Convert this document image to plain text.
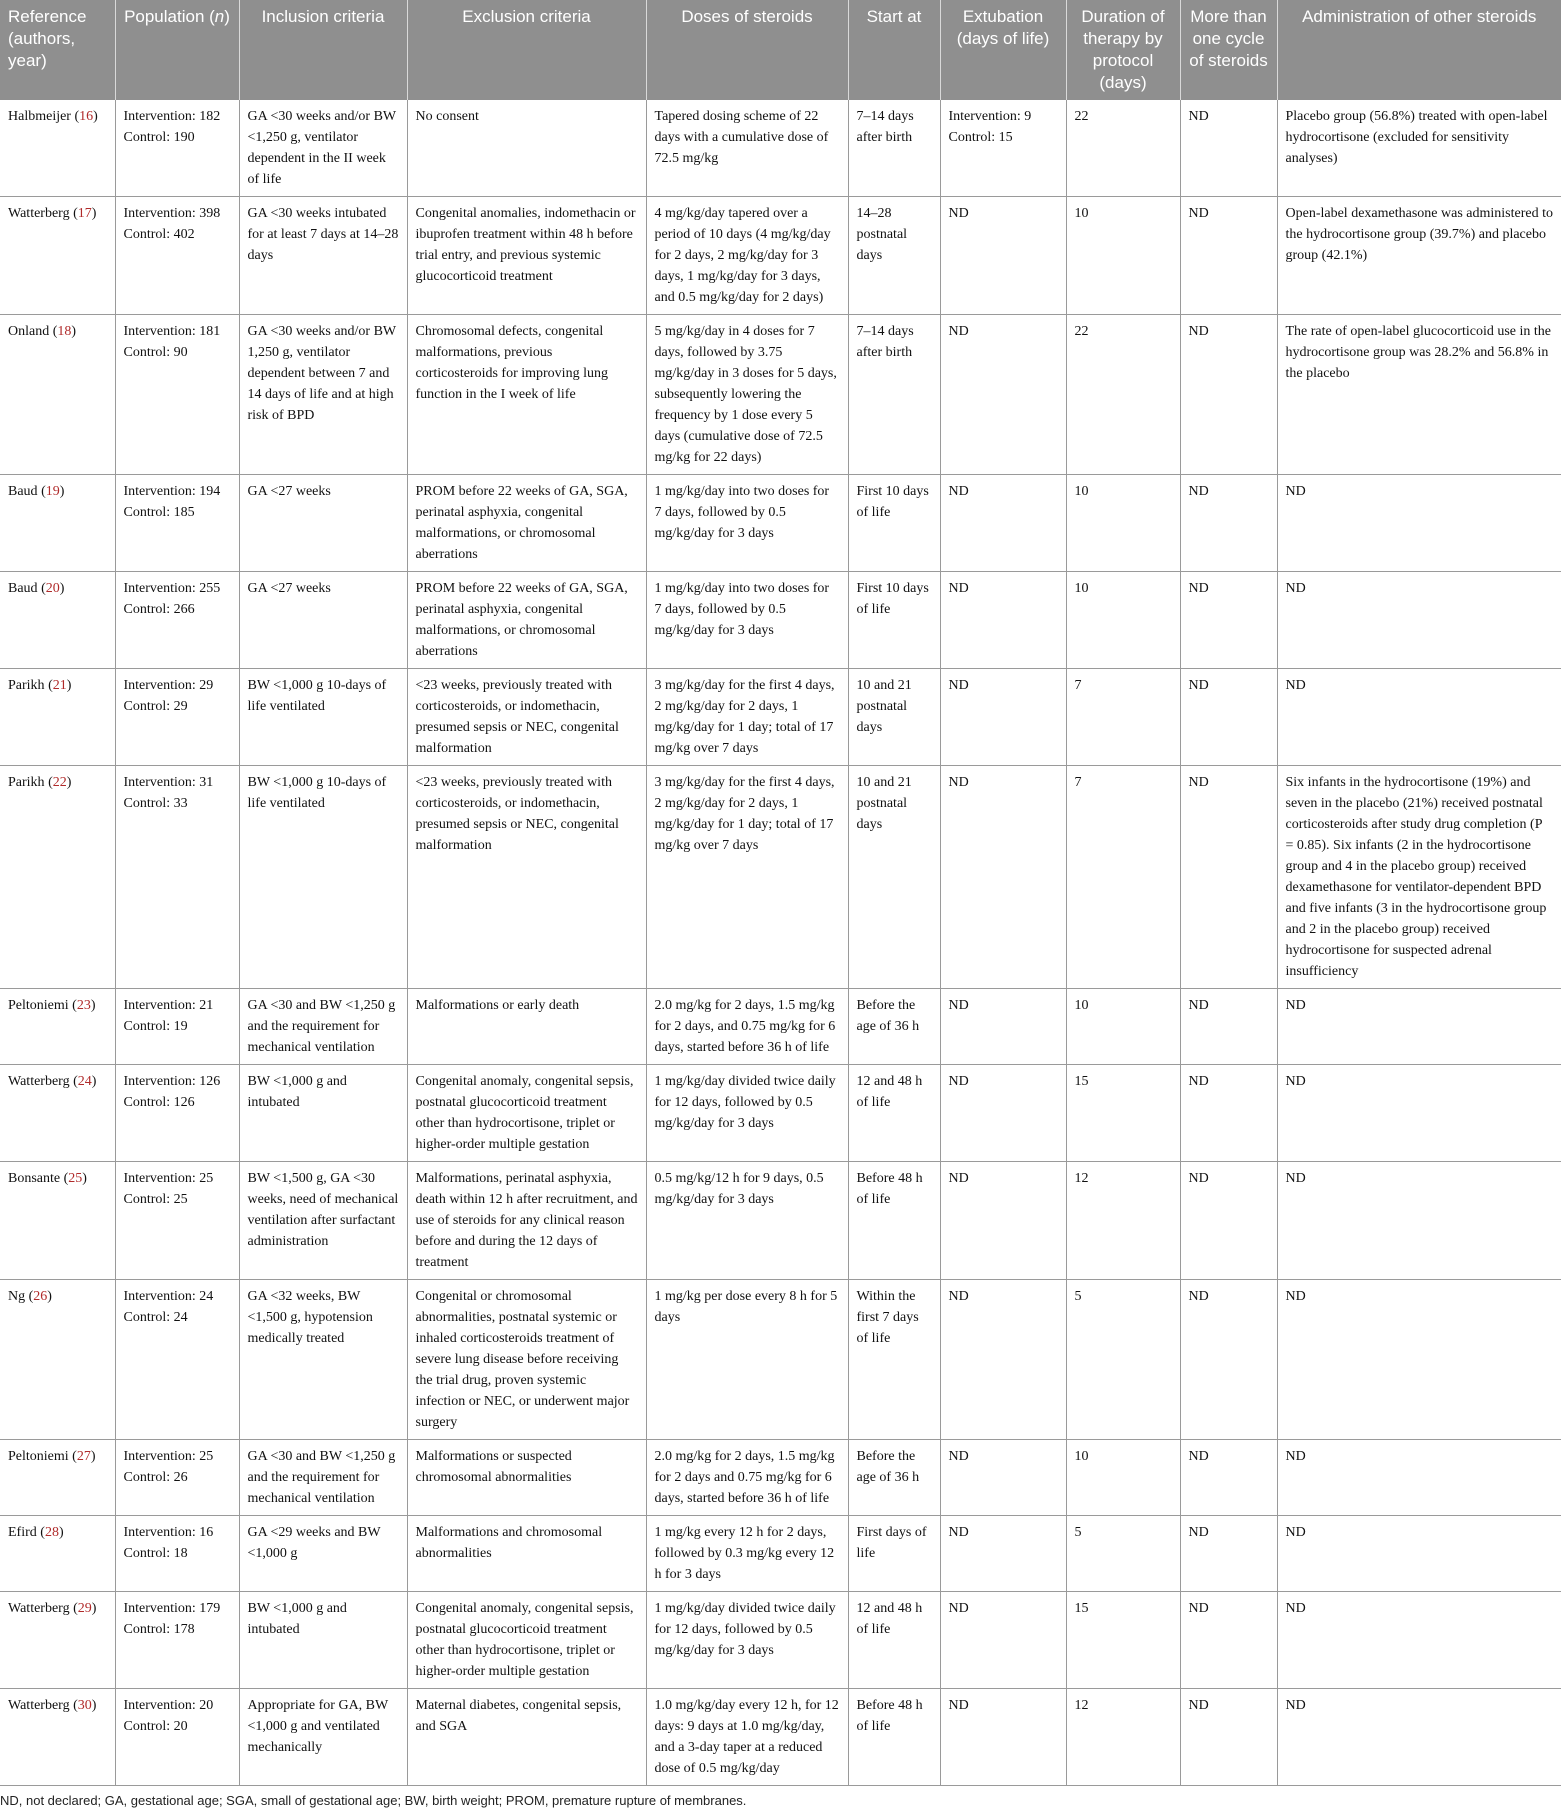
Reference (authors, year)	Population (n)	Inclusion criteria	Exclusion criteria	Doses of steroids	Start at	Extubation (days of life)	Duration of therapy by protocol (days)	More than one cycle of steroids	Administration of other steroids
Halbmeijer (16)	Intervention: 182 Control: 190	GA <30 weeks and/or BW <1,250 g, ventilator dependent in the II week of life	No consent	Tapered dosing scheme of 22 days with a cumulative dose of 72.5 mg/kg	7–14 days after birth	Intervention: 9 Control: 15	22	ND	Placebo group (56.8%) treated with open-label hydrocortisone (excluded for sensitivity analyses)
Watterberg (17)	Intervention: 398 Control: 402	GA <30 weeks intubated for at least 7 days at 14–28 days	Congenital anomalies, indomethacin or ibuprofen treatment within 48 h before trial entry, and previous systemic glucocorticoid treatment	4 mg/kg/day tapered over a period of 10 days (4 mg/kg/day for 2 days, 2 mg/kg/day for 3 days, 1 mg/kg/day for 3 days, and 0.5 mg/kg/day for 2 days)	14–28 postnatal days	ND	10	ND	Open-label dexamethasone was administered to the hydrocortisone group (39.7%) and placebo group (42.1%)
Onland (18)	Intervention: 181 Control: 90	GA <30 weeks and/or BW 1,250 g, ventilator dependent between 7 and 14 days of life and at high risk of BPD	Chromosomal defects, congenital malformations, previous corticosteroids for improving lung function in the I week of life	5 mg/kg/day in 4 doses for 7 days, followed by 3.75 mg/kg/day in 3 doses for 5 days, subsequently lowering the frequency by 1 dose every 5 days (cumulative dose of 72.5 mg/kg for 22 days)	7–14 days after birth	ND	22	ND	The rate of open-label glucocorticoid use in the hydrocortisone group was 28.2% and 56.8% in the placebo
Baud (19)	Intervention: 194 Control: 185	GA <27 weeks	PROM before 22 weeks of GA, SGA, perinatal asphyxia, congenital malformations, or chromosomal aberrations	1 mg/kg/day into two doses for 7 days, followed by 0.5 mg/kg/day for 3 days	First 10 days of life	ND	10	ND	ND
Baud (20)	Intervention: 255 Control: 266	GA <27 weeks	PROM before 22 weeks of GA, SGA, perinatal asphyxia, congenital malformations, or chromosomal aberrations	1 mg/kg/day into two doses for 7 days, followed by 0.5 mg/kg/day for 3 days	First 10 days of life	ND	10	ND	ND
Parikh (21)	Intervention: 29 Control: 29	BW <1,000 g 10-days of life ventilated	<23 weeks, previously treated with corticosteroids, or indomethacin, presumed sepsis or NEC, congenital malformation	3 mg/kg/day for the first 4 days, 2 mg/kg/day for 2 days, 1 mg/kg/day for 1 day; total of 17 mg/kg over 7 days	10 and 21 postnatal days	ND	7	ND	ND
Parikh (22)	Intervention: 31 Control: 33	BW <1,000 g 10-days of life ventilated	<23 weeks, previously treated with corticosteroids, or indomethacin, presumed sepsis or NEC, congenital malformation	3 mg/kg/day for the first 4 days, 2 mg/kg/day for 2 days, 1 mg/kg/day for 1 day; total of 17 mg/kg over 7 days	10 and 21 postnatal days	ND	7	ND	Six infants in the hydrocortisone (19%) and seven in the placebo (21%) received postnatal corticosteroids after study drug completion (P = 0.85). Six infants (2 in the hydrocortisone group and 4 in the placebo group) received dexamethasone for ventilator-dependent BPD and five infants (3 in the hydrocortisone group and 2 in the placebo group) received hydrocortisone for suspected adrenal insufficiency
Peltoniemi (23)	Intervention: 21 Control: 19	GA <30 and BW <1,250 g and the requirement for mechanical ventilation	Malformations or early death	2.0 mg/kg for 2 days, 1.5 mg/kg for 2 days, and 0.75 mg/kg for 6 days, started before 36 h of life	Before the age of 36 h	ND	10	ND	ND
Watterberg (24)	Intervention: 126 Control: 126	BW <1,000 g and intubated	Congenital anomaly, congenital sepsis, postnatal glucocorticoid treatment other than hydrocortisone, triplet or higher-order multiple gestation	1 mg/kg/day divided twice daily for 12 days, followed by 0.5 mg/kg/day for 3 days	12 and 48 h of life	ND	15	ND	ND
Bonsante (25)	Intervention: 25 Control: 25	BW <1,500 g, GA <30 weeks, need of mechanical ventilation after surfactant administration	Malformations, perinatal asphyxia, death within 12 h after recruitment, and use of steroids for any clinical reason before and during the 12 days of treatment	0.5 mg/kg/12 h for 9 days, 0.5 mg/kg/day for 3 days	Before 48 h of life	ND	12	ND	ND
Ng (26)	Intervention: 24 Control: 24	GA <32 weeks, BW <1,500 g, hypotension medically treated	Congenital or chromosomal abnormalities, postnatal systemic or inhaled corticosteroids treatment of severe lung disease before receiving the trial drug, proven systemic infection or NEC, or underwent major surgery	1 mg/kg per dose every 8 h for 5 days	Within the first 7 days of life	ND	5	ND	ND
Peltoniemi (27)	Intervention: 25 Control: 26	GA <30 and BW <1,250 g and the requirement for mechanical ventilation	Malformations or suspected chromosomal abnormalities	2.0 mg/kg for 2 days, 1.5 mg/kg for 2 days and 0.75 mg/kg for 6 days, started before 36 h of life	Before the age of 36 h	ND	10	ND	ND
Efird (28)	Intervention: 16 Control: 18	GA <29 weeks and BW <1,000 g	Malformations and chromosomal abnormalities	1 mg/kg every 12 h for 2 days, followed by 0.3 mg/kg every 12 h for 3 days	First days of life	ND	5	ND	ND
Watterberg (29)	Intervention: 179 Control: 178	BW <1,000 g and intubated	Congenital anomaly, congenital sepsis, postnatal glucocorticoid treatment other than hydrocortisone, triplet or higher-order multiple gestation	1 mg/kg/day divided twice daily for 12 days, followed by 0.5 mg/kg/day for 3 days	12 and 48 h of life	ND	15	ND	ND
Watterberg (30)	Intervention: 20 Control: 20	Appropriate for GA, BW <1,000 g and ventilated mechanically	Maternal diabetes, congenital sepsis, and SGA	1.0 mg/kg/day every 12 h, for 12 days: 9 days at 1.0 mg/kg/day, and a 3-day taper at a reduced dose of 0.5 mg/kg/day	Before 48 h of life	ND	12	ND	ND
ND, not declared; GA, gestational age; SGA, small of gestational age; BW, birth weight; PROM, premature rupture of membranes.
